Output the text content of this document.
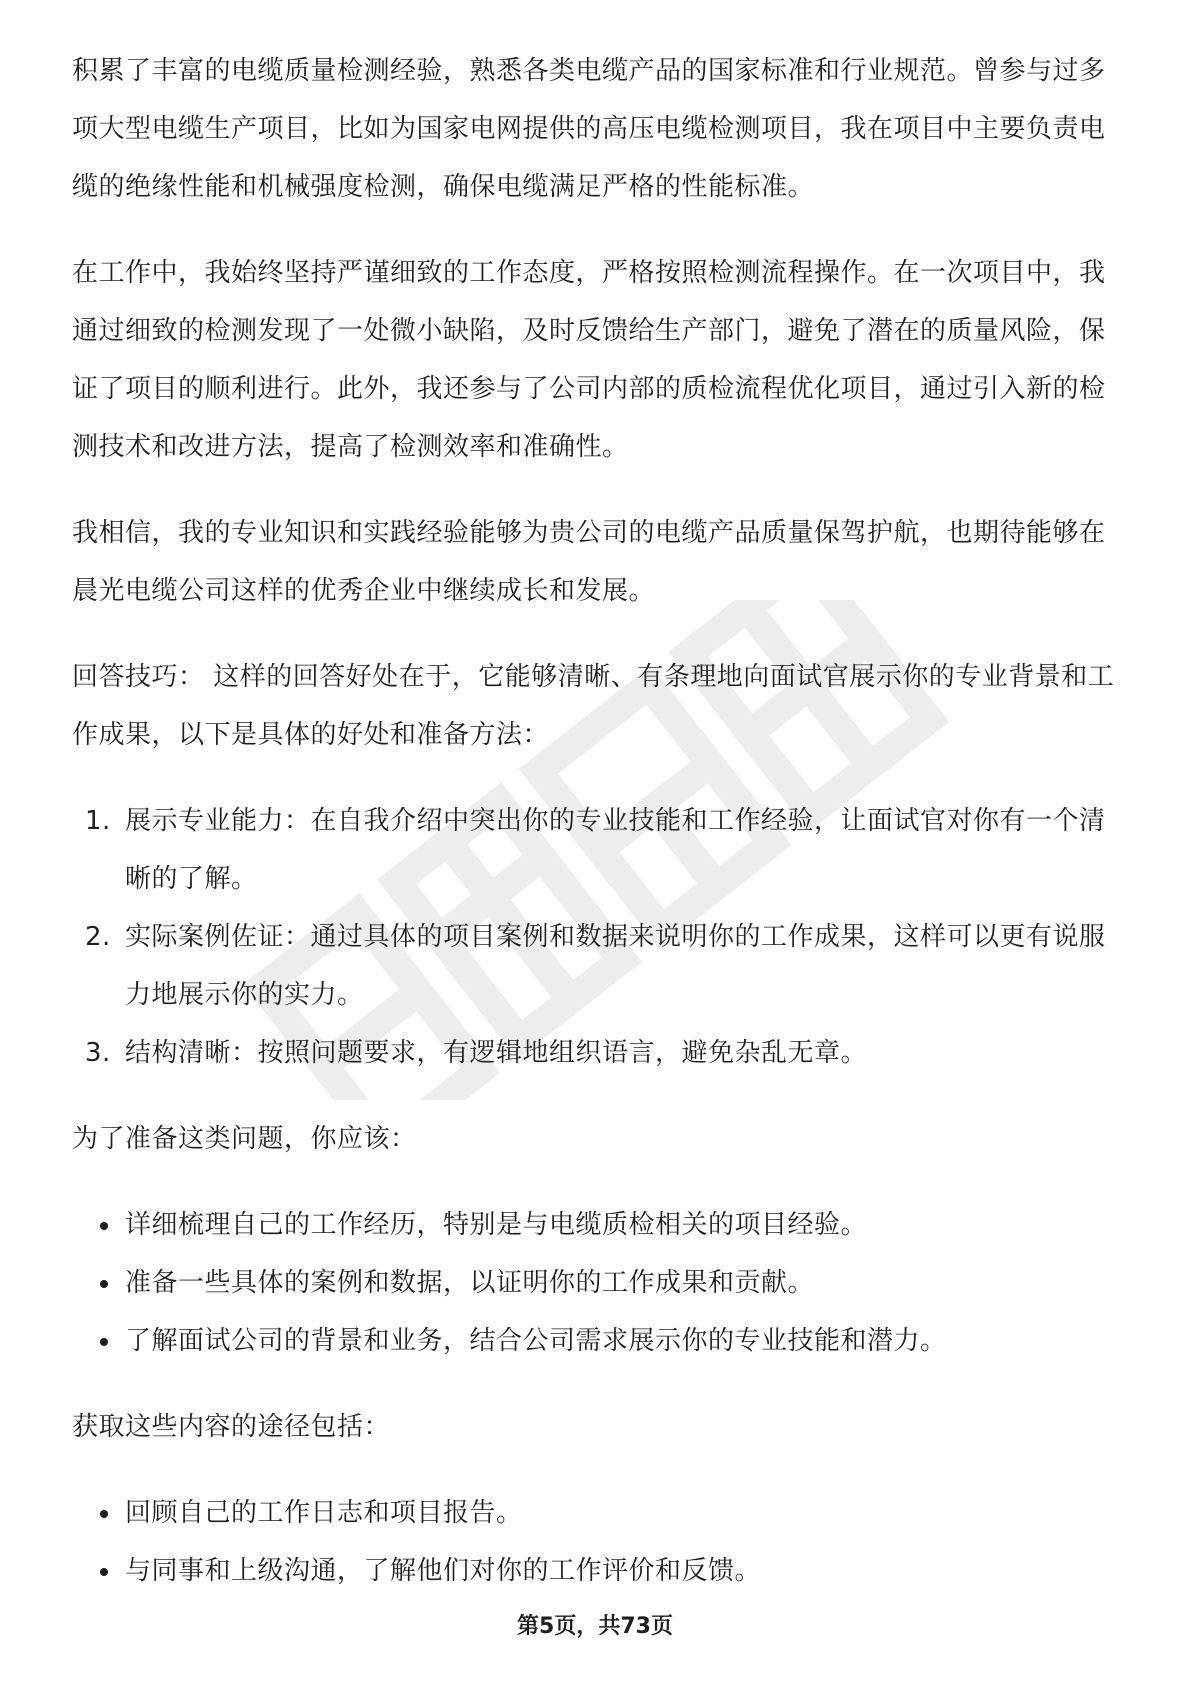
积累了丰富的电缆质量检测经验，熟悉各类电缆产品的国家标准和行业规范。曾参与过多项大型电缆生产项目，比如为国家电网提供的高压电缆检测项目，我在项目中主要负责电缆的绝缘性能和机械强度检测，确保电缆满足严格的性能标准。

在工作中，我始终坚持严谨细致的工作态度，严格按照检测流程操作。在一次项目中，我通过细致的检测发现了一处微小缺陷，及时反馈给生产部门，避免了潜在的质量风险，保证了项目的顺利进行。此外，我还参与了公司内部的质检流程优化项目，通过引入新的检测技术和改进方法，提高了检测效率和准确性。

我相信，我的专业知识和实践经验能够为贵公司的电缆产品质量保驾护航，也期待能够在晨光电缆公司这样的优秀企业中继续成长和发展。

回答技巧： 这样的回答好处在于，它能够清晰、有条理地向面试官展示你的专业背景和工作成果，以下是具体的好处和准备方法：

1. 展示专业能力：在自我介绍中突出你的专业技能和工作经验，让面试官对你有一个清晰的了解。
2. 实际案例佐证：通过具体的项目案例和数据来说明你的工作成果，这样可以更有说服力地展示你的实力。
3. 结构清晰：按照问题要求，有逻辑地组织语言，避免杂乱无章。

为了准备这类问题，你应该：

详细梳理自己的工作经历，特别是与电缆质检相关的项目经验。
准备一些具体的案例和数据，以证明你的工作成果和贡献。
了解面试公司的背景和业务，结合公司需求展示你的专业技能和潜力。

获取这些内容的途径包括：

回顾自己的工作日志和项目报告。
与同事和上级沟通，了解他们对你的工作评价和反馈。
第5页，共73页
